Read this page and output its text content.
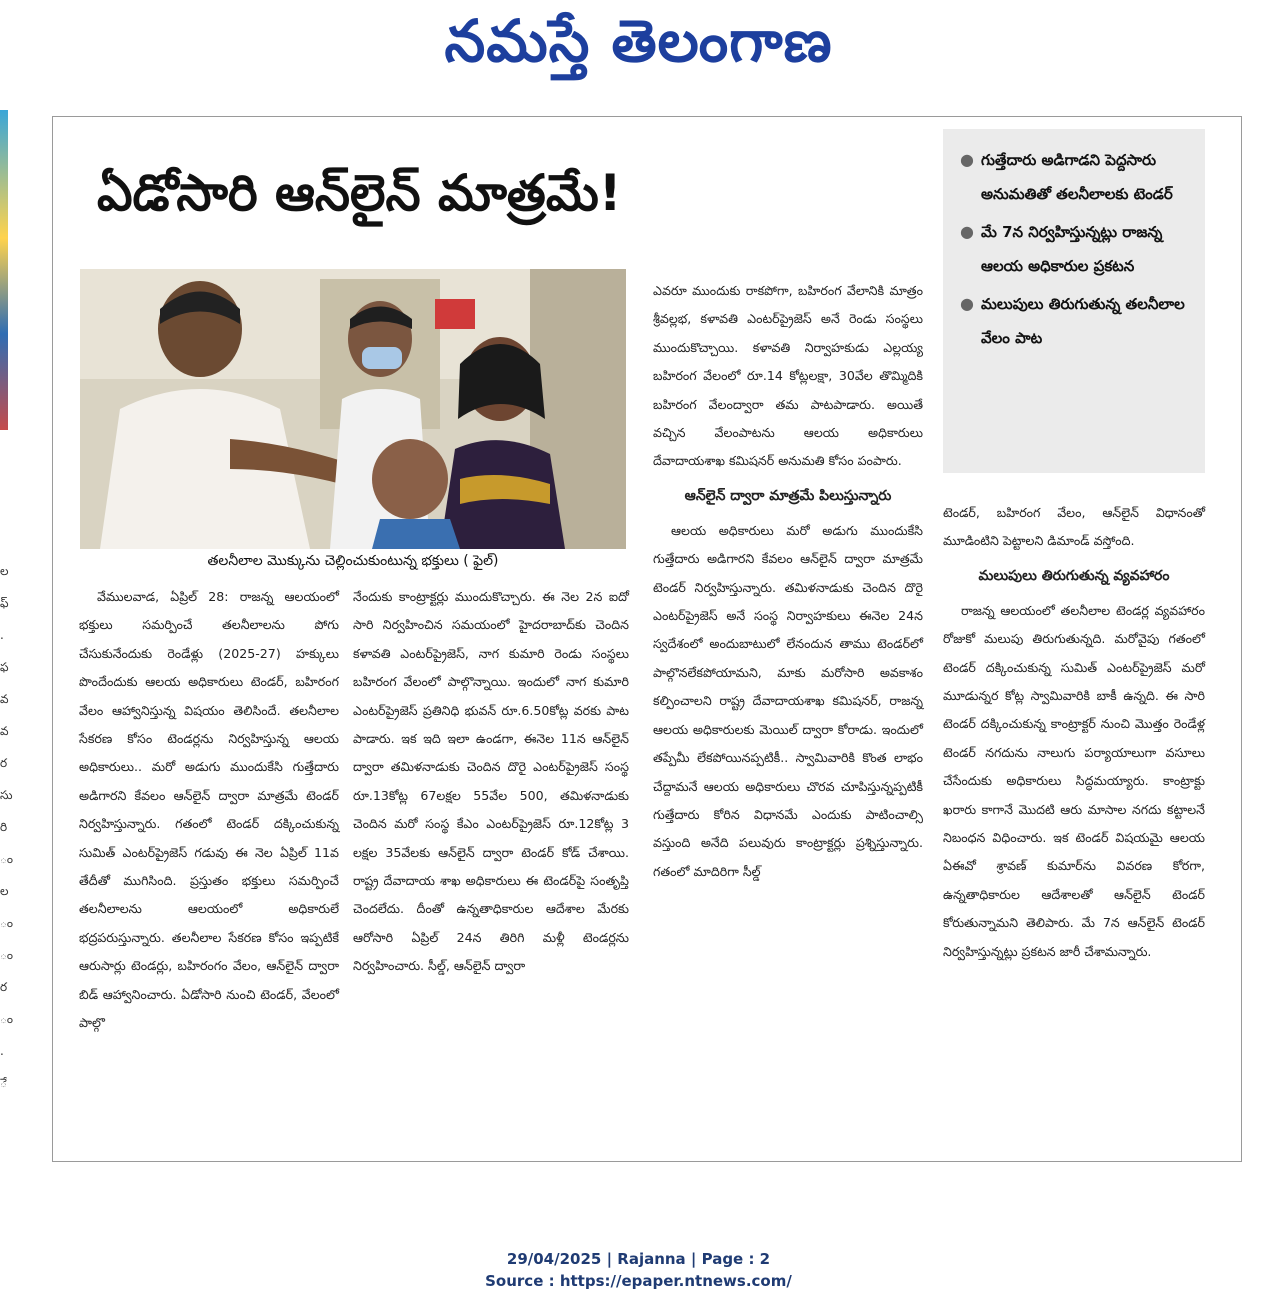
నమస్తే తెలంగాణ
ల
ఫ్
.
ఫ
వ
వ
ర
సు
రి
ం
ల
ం
ం
ర
ం
.
ే
ఏడోసారి ఆన్‌లైన్ మాత్రమే!
తలనీలాల మొక్కును చెల్లించుకుంటున్న భక్తులు ( ఫైల్)

వేములవాడ, ఏప్రిల్ 28: రాజన్న ఆలయంలో భక్తులు సమర్పించే తలనీలాలను పోగు చేసుకునేందుకు రెండేళ్లు (2025-27) హక్కులు పొందేందుకు ఆలయ అధికారులు టెండర్, బహిరంగ వేలం ఆహ్వానిస్తున్న విషయం తెలిసిందే. తలనీలాల సేకరణ కోసం టెండర్లను నిర్వహిస్తున్న ఆలయ అధికారులు.. మరో అడుగు ముందుకేసి గుత్తేదారు అడిగారని కేవలం ఆన్‌లైన్ ద్వారా మాత్రమే టెండర్ నిర్వహిస్తున్నారు. గతంలో టెండర్ దక్కించుకున్న సుమిత్ ఎంటర్‌ప్రైజెస్ గడువు ఈ నెల ఏప్రిల్ 11వ తేదీతో ముగిసింది. ప్రస్తుతం భక్తులు సమర్పించే తలనీలాలను ఆలయంలో అధికారులే భద్రపరుస్తున్నారు. తలనీలాల సేకరణ కోసం ఇప్పటికే ఆరుసార్లు టెండర్లు, బహిరంగం వేలం, ఆన్‌లైన్ ద్వారా బిడ్ ఆహ్వానించారు. ఏడోసారి నుంచి టెండర్, వేలంలో పాల్గొ

నేందుకు కాంట్రాక్టర్లు ముందుకొచ్చారు. ఈ నెల 2న ఐదో సారి నిర్వహించిన సమయంలో హైదరాబాద్‌కు చెందిన కళావతి ఎంటర్‌ప్రైజెస్, నాగ కుమారి రెండు సంస్థలు బహిరంగ వేలంలో పాల్గొన్నాయి. ఇందులో నాగ కుమారి ఎంటర్‌ప్రైజెస్ ప్రతినిధి భువన్ రూ.6.50కోట్ల వరకు పాట పాడారు. ఇక ఇది ఇలా ఉండగా, ఈనెల 11న ఆన్‌లైన్ ద్వారా తమిళనాడుకు చెందిన దొరై ఎంటర్‌ప్రైజెస్ సంస్థ రూ.13కోట్ల 67లక్షల 55వేల 500, తమిళనాడుకు చెందిన మరో సంస్థ కేఎం ఎంటర్‌ప్రైజెస్ రూ.12కోట్ల 3 లక్షల 35వేలకు ఆన్‌లైన్ ద్వారా టెండర్ కోడ్ చేశాయి. రాష్ట్ర దేవాదాయ శాఖ అధికారులు ఈ టెండర్‌పై సంతృప్తి చెందలేదు. దీంతో ఉన్నతాధికారుల ఆదేశాల మేరకు ఆరోసారి ఏప్రిల్ 24న తిరిగి మళ్లీ టెండర్లను నిర్వహించారు. సీల్డ్, ఆన్‌లైన్ ద్వారా

ఎవరూ ముందుకు రాకపోగా, బహిరంగ వేలానికి మాత్రం శ్రీవల్లభ, కళావతి ఎంటర్‌ప్రైజెస్ అనే రెండు సంస్థలు ముందుకొచ్చాయి. కళావతి నిర్వాహకుడు ఎల్లయ్య బహిరంగ వేలంలో రూ.14 కోట్లలక్షా, 30వేల తొమ్మిదికి బహిరంగ వేలంద్వారా తమ పాటపాడారు. అయితే వచ్చిన వేలంపాటను ఆలయ అధికారులు దేవాదాయశాఖ కమిషనర్ అనుమతి కోసం పంపారు.

ఆన్‌లైన్ ద్వారా మాత్రమే పిలుస్తున్నారు

ఆలయ అధికారులు మరో అడుగు ముందుకేసి గుత్తేదారు అడిగారని కేవలం ఆన్‌లైన్ ద్వారా మాత్రమే టెండర్ నిర్వహిస్తున్నారు. తమిళనాడుకు చెందిన దొరై ఎంటర్‌ప్రైజెస్ అనే సంస్థ నిర్వాహకులు ఈనెల 24న స్వదేశంలో అందుబాటులో లేనందున తాము టెండర్‌లో పాల్గొనలేకపోయామని, మాకు మరోసారి అవకాశం కల్పించాలని రాష్ట్ర దేవాదాయశాఖ కమిషనర్, రాజన్న ఆలయ అధికారులకు మెయిల్ ద్వారా కోరాడు. ఇందులో తప్పేమీ లేకపోయినప్పటికీ.. స్వామివారికి కొంత లాభం చేద్దామనే ఆలయ అధికారులు చొరవ చూపిస్తున్నప్పటికీ గుత్తేదారు కోరిన విధానమే ఎందుకు పాటించాల్సి వస్తుంది అనేది పలువురు కాంట్రాక్టర్లు ప్రశ్నిస్తున్నారు. గతంలో మాదిరిగా సీల్డ్

● గుత్తేదారు అడిగాడని పెద్దసారు అనుమతితో తలనీలాలకు టెండర్
● మే 7న నిర్వహిస్తున్నట్లు రాజన్న ఆలయ అధికారుల ప్రకటన
● మలుపులు తిరుగుతున్న తలనీలాల వేలం పాట

టెండర్, బహిరంగ వేలం, ఆన్‌లైన్ విధానంతో మూడింటిని పెట్టాలని డిమాండ్ వస్తోంది.

మలుపులు తిరుగుతున్న వ్యవహారం

రాజన్న ఆలయంలో తలనీలాల టెండర్ల వ్యవహారం రోజుకో మలుపు తిరుగుతున్నది. మరోవైపు గతంలో టెండర్ దక్కించుకున్న సుమిత్ ఎంటర్‌ప్రైజెస్ మరో మూడున్నర కోట్ల స్వామివారికి బాకీ ఉన్నది. ఈ సారి టెండర్ దక్కించుకున్న కాంట్రాక్టర్ నుంచి మొత్తం రెండేళ్ల టెండర్ నగదును నాలుగు పర్యాయాలుగా వసూలు చేసేందుకు అధికారులు సిద్ధమయ్యారు. కాంట్రాక్టు ఖరారు కాగానే మొదటి ఆరు మాసాల నగదు కట్టాలనే నిబంధన విధించారు. ఇక టెండర్ విషయమై ఆలయ ఏఈవో శ్రావణ్ కుమార్‌ను వివరణ కోరగా, ఉన్నతాధికారుల ఆదేశాలతో ఆన్‌లైన్ టెండర్ కోరుతున్నామని తెలిపారు. మే 7న ఆన్‌లైన్ టెండర్ నిర్వహిస్తున్నట్లు ప్రకటన జారీ చేశామన్నారు.

29/04/2025 | Rajanna | Page : 2
Source : https://epaper.ntnews.com/
